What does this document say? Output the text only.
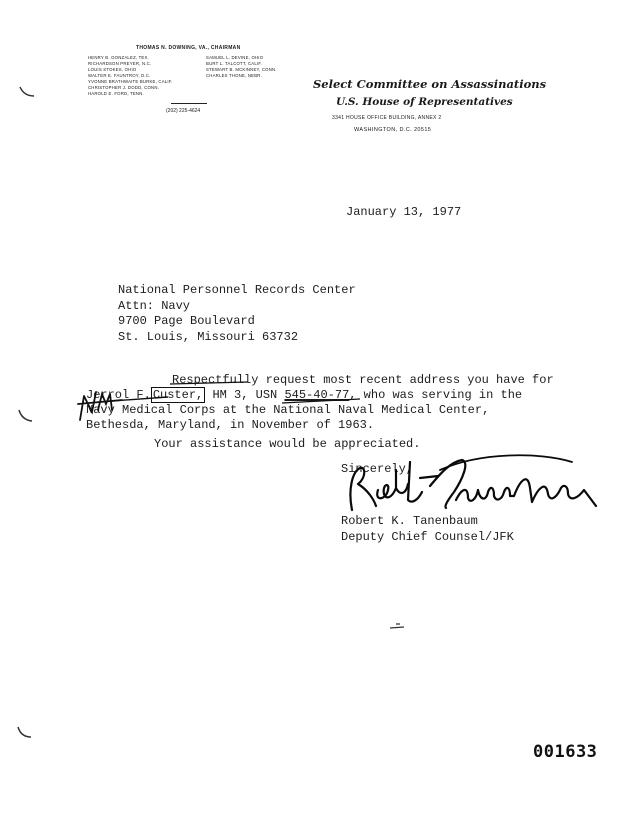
THOMAS N. DOWNING, VA., CHAIRMAN
HENRY B. GONZALEZ, TEX.
RICHARDSON PREYER, N.C.
LOUIS STOKES, OHIO
WALTER E. FAUNTROY, D.C.
YVONNE BRATHWAITE BURKE, CALIF.
CHRISTOPHER J. DODD, CONN.
HAROLD E. FORD, TENN.
SAMUEL L. DEVINE, OHIO
BURT L. TALCOTT, CALIF.
STEWART B. MCKINNEY, CONN.
CHARLES THONE, NEBR.
(202) 225-4624
Select Committee on Assassinations
U.S. House of Representatives
3341 HOUSE OFFICE BUILDING, ANNEX 2
WASHINGTON, D.C. 20515
January 13, 1977
National Personnel Records Center
Attn: Navy
9700 Page Boulevard
St. Louis, Missouri 63732
Respectfully request most recent address you have for
Jerrol F. Custer, HM 3, USN 545-40-77, who was serving in the
Navy Medical Corps at the National Naval Medical Center,
Bethesda, Maryland, in November of 1963.
Your assistance would be appreciated.
Sincerely,
Robert K. Tanenbaum
Deputy Chief Counsel/JFK
001633
